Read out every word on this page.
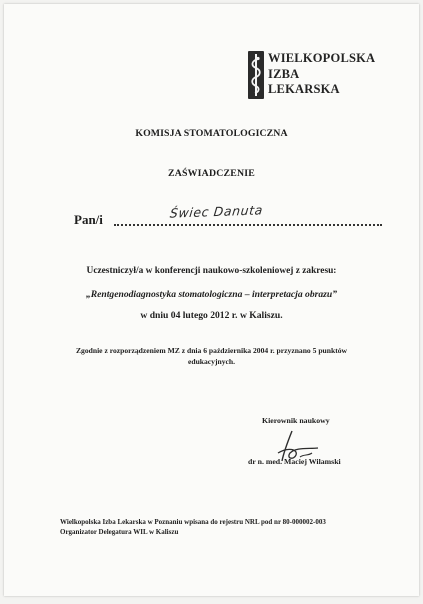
WIELKOPOLSKA
IZBA
LEKARSKA
KOMISJA STOMATOLOGICZNA
ZAŚWIADCZENIE
Pan/i	Świec Danuta
Uczestniczył/a w konferencji naukowo-szkoleniowej z zakresu:
„Rentgenodiagnostyka stomatologiczna – interpretacja obrazu”
w dniu 04 lutego 2012 r. w Kaliszu.
Zgodnie z rozporządzeniem MZ z dnia 6 października 2004 r. przyznano 5 punktów
edukacyjnych.
Kierownik naukowy
dr n. med. Maciej Wilamski
Wielkopolska Izba Lekarska w Poznaniu wpisana do rejestru NRL pod nr 80-000002-003
Organizator Delegatura WIL w Kaliszu
